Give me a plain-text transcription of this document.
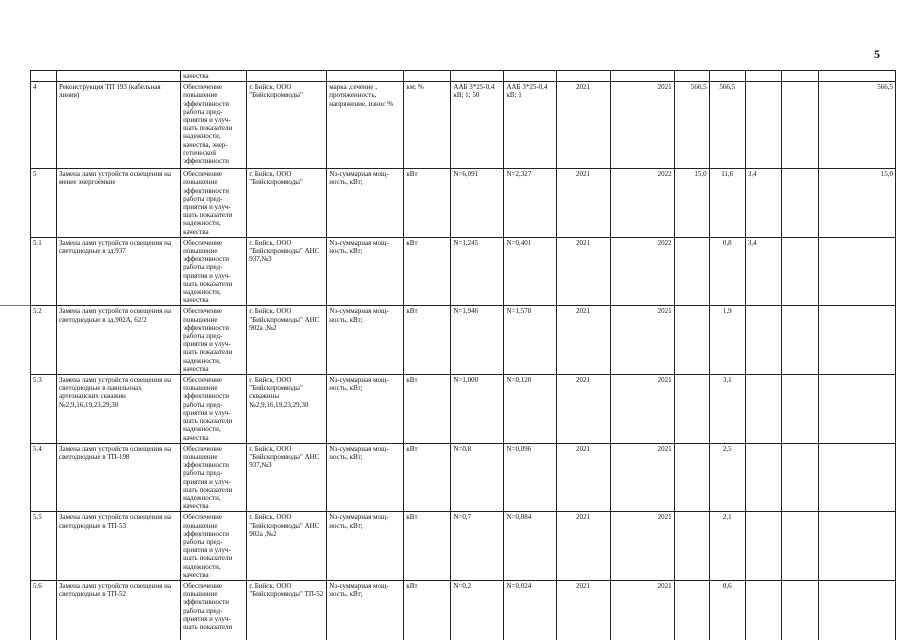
5
		качества												
4	Реконструкция ТП 193 (кабельная линия)	Обеспечение повышение эффективности работы пред-приятия и улуч-шать показатели надежности, качества, энер-гетической эффективности	г. Бийск, ООО "Бийскпромводы"	марка ,сечение , протяженность, напряжение, износ %	км; %	ААБ 3*25-0,4 кВ; 1; 50	ААБ 3*25-0,4 кВ; 1	2021	2021	566,5	566,5			566,5
5	Замена ламп устройств освещения на менее энергоёмкие	Обеспечение повышение эффективности работы пред-приятия и улуч-шать показатели надежности, качества	г. Бийск, ООО "Бийскпромводы"	Nз-суммарная мощ-ность, кВт;	кВт	N=6,091	N=2,327	2021	2022	15,0	11,6	3,4		15,0
5.1	Замена ламп устройств освещения на светодиодные в зд.937	Обеспечение повышение эффективности работы пред-приятия и улуч-шать показатели надежности, качества	г. Бийск, ООО "Бийскпромводы" АНС 937,№3	Nз-суммарная мощ-ность, кВт;	кВт	N=1,245	N=0,401	2021	2022		0,8	3,4		
5.2	Замена ламп устройств освещения на светодиодные в зд.902А, 62/2	Обеспечение повышение эффективности работы пред-приятия и улуч-шать показатели надежности, качества	г. Бийск, ООО "Бийскпромводы" АНС 902а ,№2	Nз-суммарная мощ-ность, кВт;	кВт	N=1,946	N=1,578	2021	2021		1,9			
5.3	Замена ламп устройств освещения на светодиодные в павильонах артезианских скважин №2,9,16,19,23,29,30	Обеспечение повышение эффективности работы пред-приятия и улуч-шать показатели надежности, качества	г. Бийск, ООО "Бийскпромводы" скважины №2,9,16,19,23,29,30	Nз-суммарная мощ-ность, кВт;	кВт	N=1,000	N=0,120	2021	2021		3,1			
5.4	Замена ламп устройств освещения на светодиодные в ТП-198	Обеспечение повышение эффективности работы пред-приятия и улуч-шать показатели надежности, качества	г. Бийск, ООО "Бийскпромводы" АНС 937,№3	Nз-суммарная мощ-ность, кВт;	кВт	N=0,8	N=0,096	2021	2021		2,5			
5.5	Замена ламп устройств освещения на светодиодные в ТП-53	Обеспечение повышение эффективности работы пред-приятия и улуч-шать показатели надежности, качества	г. Бийск, ООО "Бийскпромводы" АНС 902а ,№2	Nз-суммарная мощ-ность, кВт;	кВт	N=0,7	N=0,084	2021	2021		2,1			
5.6	Замена ламп устройств освещения на светодиодные в ТП-52	Обеспечение повышение эффективности работы пред-приятия и улуч-шать показатели	г. Бийск, ООО "Бийскпромводы" ТП-52	Nз-суммарная мощ-ность, кВт;	кВт	N=0,2	N=0,024	2021	2021		0,6			
